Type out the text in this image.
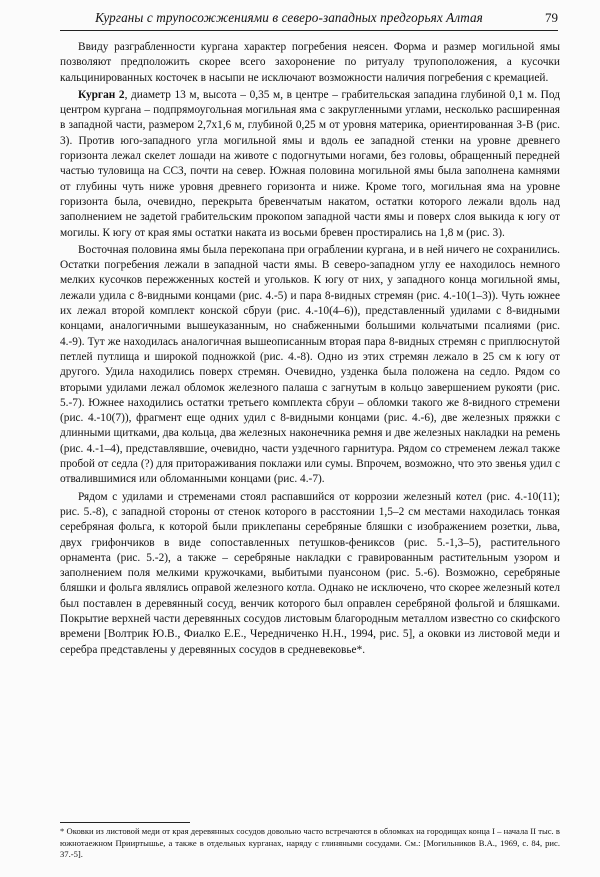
Курганы с трупосожжениями в северо-западных предгорьях Алтая	79

Ввиду разграбленности кургана характер погребения неясен. Форма и размер могильной ямы позволяют предположить скорее всего захоронение по ритуалу трупоположения, а кусочки кальцинированных косточек в насыпи не исключают возможности наличия погребения с кремацией.

Курган 2, диаметр 13 м, высота – 0,35 м, в центре – грабительская западина глубиной 0,1 м. Под центром кургана – подпрямоугольная могильная яма с закругленными углами, несколько расширенная в западной части, размером 2,7х1,6 м, глубиной 0,25 м от уровня материка, ориентированная З-В (рис. 3). Против юго-западного угла могильной ямы и вдоль ее западной стенки на уровне древнего горизонта лежал скелет лошади на животе с подогнутыми ногами, без головы, обращенный передней частью туловища на ССЗ, почти на север. Южная половина могильной ямы была заполнена камнями от глубины чуть ниже уровня древнего горизонта и ниже. Кроме того, могильная яма на уровне горизонта была, очевидно, перекрыта бревенчатым накатом, остатки которого лежали вдоль над заполнением не задетой грабительским прокопом западной части ямы и поверх слоя выкида к югу от могилы. К югу от края ямы остатки наката из восьми бревен простирались на 1,8 м (рис. 3).

Восточная половина ямы была перекопана при ограблении кургана, и в ней ничего не сохранились. Остатки погребения лежали в западной части ямы. В северо-западном углу ее находилось немного мелких кусочков пережженных костей и угольков. К югу от них, у западного конца могильной ямы, лежали удила с 8-видными концами (рис. 4.-5) и пара 8-видных стремян (рис. 4.-10(1–3)). Чуть южнее их лежал второй комплект конской сбруи (рис. 4.-10(4–6)), представленный удилами с 8-видными концами, аналогичными вышеуказанным, но снабженными большими кольчатыми псалиями (рис. 4.-9). Тут же находилась аналогичная вышеописанным вторая пара 8-видных стремян с приплюснутой петлей путлища и широкой подножкой (рис. 4.-8). Одно из этих стремян лежало в 25 см к югу от другого. Удила находились поверх стремян. Очевидно, узденка была положена на седло. Рядом со вторыми удилами лежал обломок железного палаша с загнутым в кольцо завершением рукояти (рис. 5.-7). Южнее находились остатки третьего комплекта сбруи – обломки такого же 8-видного стремени (рис. 4.-10(7)), фрагмент еще одних удил с 8-видными концами (рис. 4.-6), две железных пряжки с длинными щитками, два кольца, два железных наконечника ремня и две железных накладки на ремень (рис. 4.-1–4), представлявшие, очевидно, части уздечного гарнитура. Рядом со стременем лежал также пробой от седла (?) для притораживания поклажи или сумы. Впрочем, возможно, что это звенья удил с отвалившимися или обломанными концами (рис. 4.-7).

Рядом с удилами и стременами стоял распавшийся от коррозии железный котел (рис. 4.-10(11); рис. 5.-8), с западной стороны от стенок которого в расстоянии 1,5–2 см местами находилась тонкая серебряная фольга, к которой были приклепаны серебряные бляшки с изображением розетки, льва, двух грифончиков в виде сопоставленных петушков-фениксов (рис. 5.-1,3–5), растительного орнамента (рис. 5.-2), а также – серебряные накладки с гравированным растительным узором и заполнением поля мелкими кружочками, выбитыми пуансоном (рис. 5.-6). Возможно, серебряные бляшки и фольга являлись оправой железного котла. Однако не исключено, что скорее железный котел был поставлен в деревянный сосуд, венчик которого был оправлен серебряной фольгой и бляшками. Покрытие верхней части деревянных сосудов листовым благородным металлом известно со скифского времени [Волтрик Ю.В., Фиалко Е.Е., Чередниченко Н.Н., 1994, рис. 5], а оковки из листовой меди и серебра представлены у деревянных сосудов в средневековье*.

* Оковки из листовой меди от края деревянных сосудов довольно часто встречаются в обломках на городищах конца I – начала II тыс. в южнотаежном Прииртышье, а также в отдельных курганах, наряду с глиняными сосудами. См.: [Могильников В.А., 1969, с. 84, рис. 37.-5].
